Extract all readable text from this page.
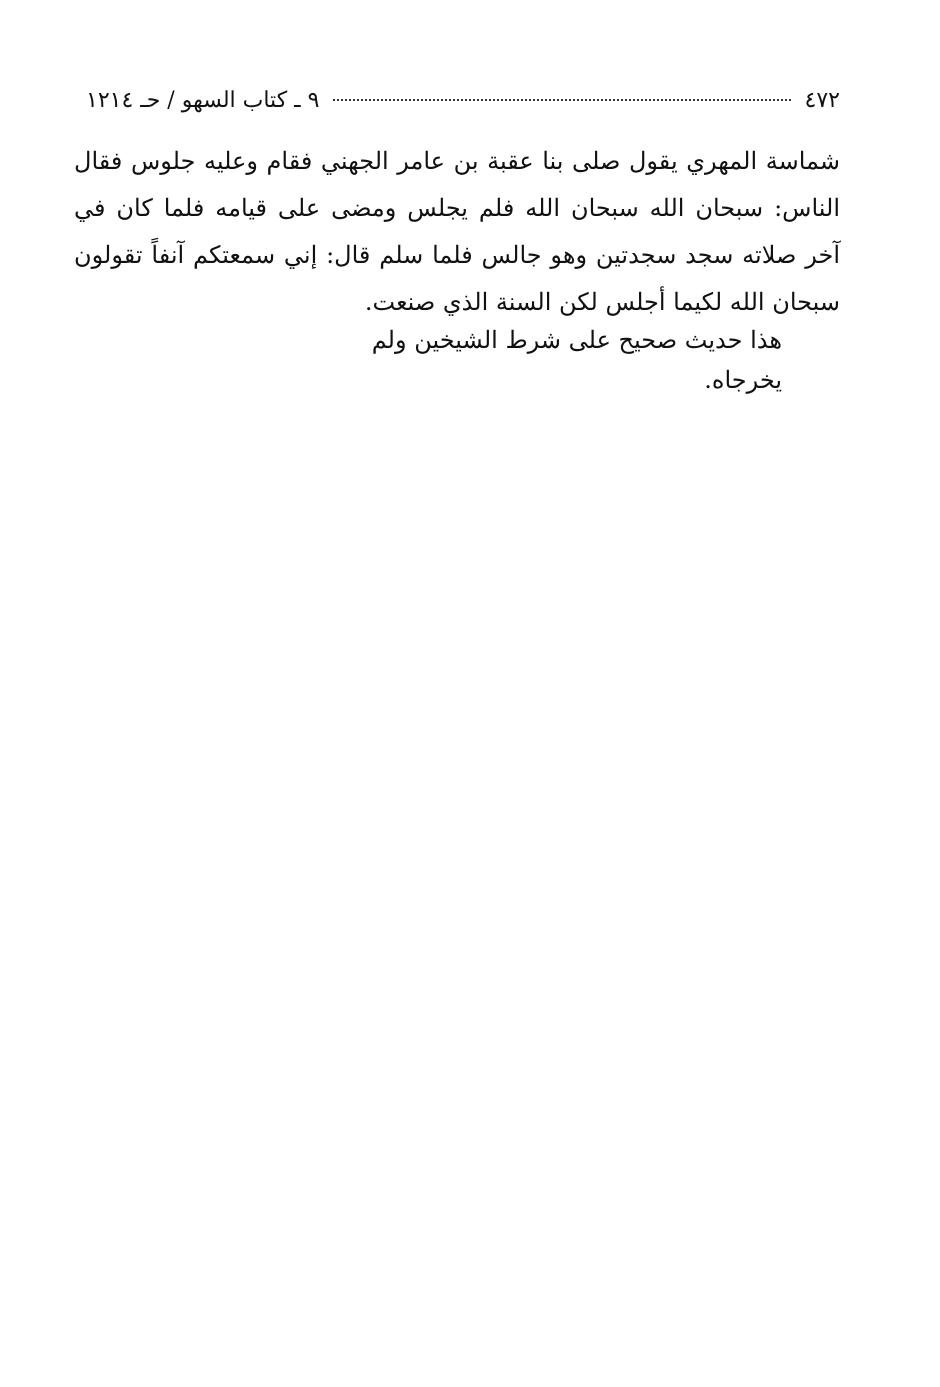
٤٧٢
٩ ـ كتاب السهو / حـ ١٢١٤

شماسة المهري يقول صلى بنا عقبة بن عامر الجهني فقام وعليه جلوس فقال الناس: سبحان الله سبحان الله فلم يجلس ومضى على قيامه فلما كان في آخر صلاته سجد سجدتين وهو جالس فلما سلم قال: إني سمعتكم آنفاً تقولون سبحان الله لكيما أجلس لكن السنة الذي صنعت.

هذا حديث صحيح على شرط الشيخين ولم يخرجاه.
